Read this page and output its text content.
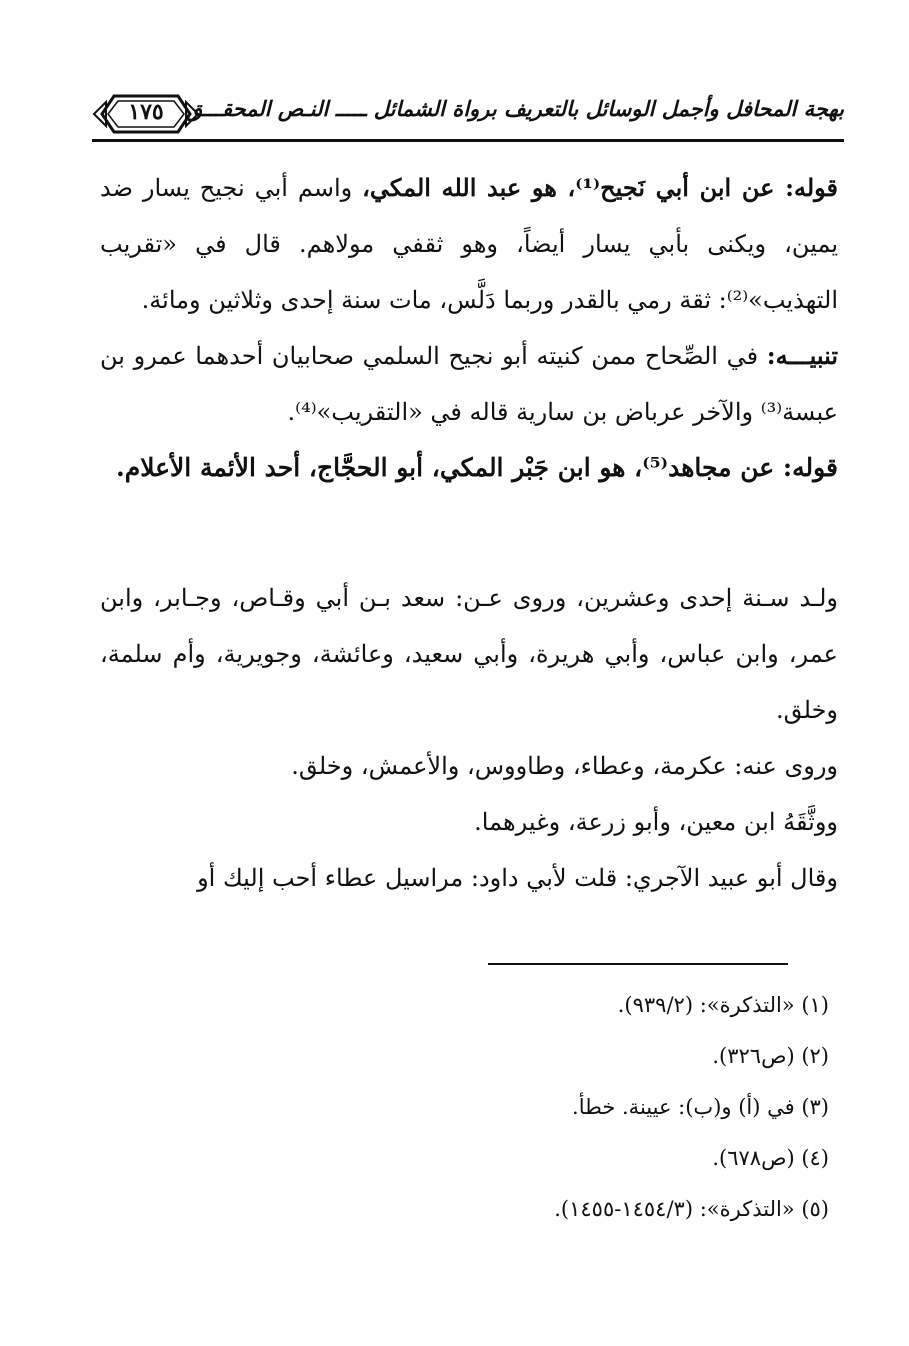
١٧٥	بهجة المحافل وأجمل الوسائل بالتعريف برواة الشمائل ـــــ النـص المحقـــق
قوله: عن ابن أبي نَجيح⁽¹⁾، هو عبد الله المكي، واسم أبي نجيح يسار ضد يمين، ويكنى بأبي يسار أيضاً، وهو ثقفي مولاهم. قال في «تقريب التهذيب»⁽²⁾: ثقة رمي بالقدر وربما دَلَّس، مات سنة إحدى وثلاثين ومائة.
تنبيـــه: في الصِّحاح ممن كنيته أبو نجيح السلمي صحابيان أحدهما عمرو بن عبسة⁽³⁾ والآخر عرباض بن سارية قاله في «التقريب»⁽⁴⁾.
قوله: عن مجاهد⁽⁵⁾، هو ابن جَبْر المكي، أبو الحجَّاج، أحد الأئمة الأعلام.
ولـد سـنة إحدى وعشرين، وروى عـن: سعد بـن أبي وقـاص، وجـابر، وابن عمر، وابن عباس، وأبي هريرة، وأبي سعيد، وعائشة، وجويرية، وأم سلمة، وخلق.
وروى عنه: عكرمة، وعطاء، وطاووس، والأعمش، وخلق.
ووثَّقَهُ ابن معين، وأبو زرعة، وغيرهما.
وقال أبو عبيد الآجري: قلت لأبي داود: مراسيل عطاء أحب إليك أو
(١) «التذكرة»: (٩٣٩/٢).
(٢) (ص٣٢٦).
(٣) في (أ) و(ب): عيينة. خطأ.
(٤) (ص٦٧٨).
(٥) «التذكرة»: (١٤٥٤/٣-١٤٥٥).
